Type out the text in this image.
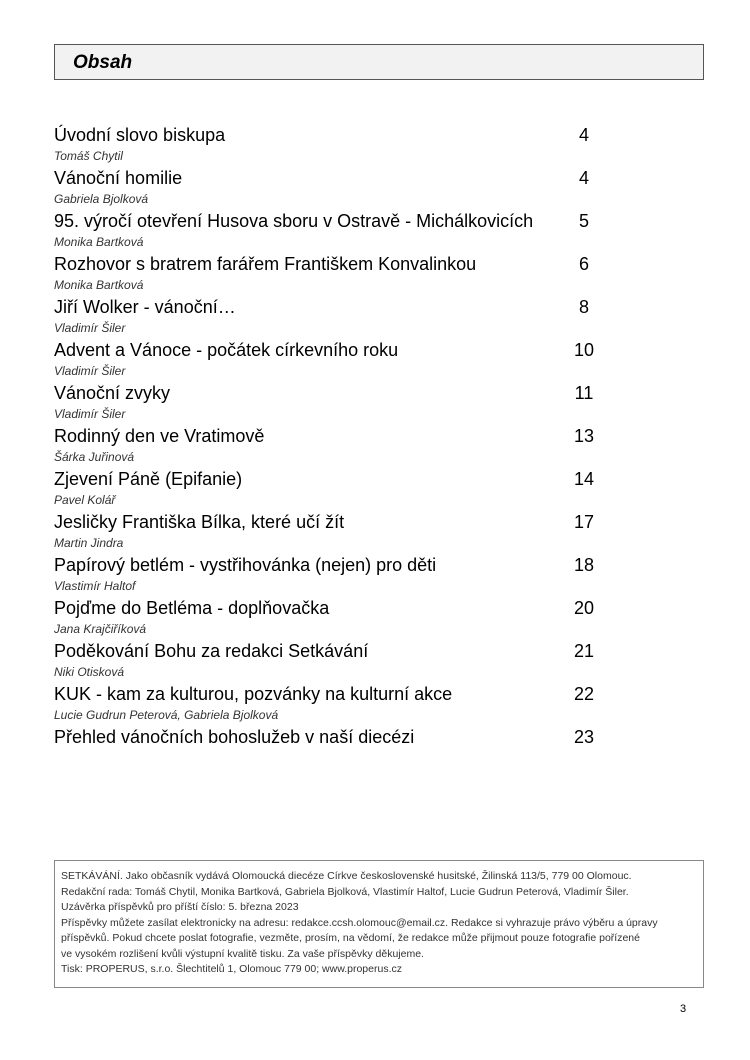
Obsah
Úvodní slovo biskupa	4
Tomáš Chytil
Vánoční homilie	4
Gabriela Bjolková
95. výročí otevření Husova sboru v Ostravě - Michálkovicích	5
Monika Bartková
Rozhovor s bratrem farářem Františkem Konvalinkou	6
Monika Bartková
Jiří Wolker - vánoční…	8
Vladimír Šiler
Advent a Vánoce - počátek církevního roku	10
Vladimír Šiler
Vánoční zvyky	11
Vladimír Šiler
Rodinný den ve Vratimově	13
Šárka Juřinová
Zjevení Páně (Epifanie)	14
Pavel Kolář
Jesličky Františka Bílka, které učí žít	17
Martin Jindra
Papírový betlém - vystřihovánka (nejen) pro děti	18
Vlastimír Haltof
Pojďme do Betléma - doplňovačka	20
Jana Krajčiříková
Poděkování Bohu za redakci Setkávání	21
Niki Otisková
KUK - kam za kulturou, pozvánky na kulturní akce	22
Lucie Gudrun Peterová, Gabriela Bjolková
Přehled vánočních bohoslužeb v naší diecézi	23
SETKÁVÁNÍ. Jako občasník vydává Olomoucká diecéze Církve československé husitské, Žilinská 113/5, 779 00 Olomouc.
Redakční rada: Tomáš Chytil, Monika Bartková, Gabriela Bjolková, Vlastimír Haltof, Lucie Gudrun Peterová, Vladimír Šiler.
Uzávěrka příspěvků pro příští číslo: 5. března 2023
Příspěvky můžete zasílat elektronicky na adresu: redakce.ccsh.olomouc@email.cz. Redakce si vyhrazuje právo výběru a úpravy
příspěvků. Pokud chcete poslat fotografie, vezměte, prosím, na vědomí, že redakce může přijmout pouze fotografie pořízené
ve vysokém rozlišení kvůli výstupní kvalitě tisku. Za vaše příspěvky děkujeme.
Tisk: PROPERUS, s.r.o. Šlechtitelů 1, Olomouc 779 00; www.properus.cz
3
